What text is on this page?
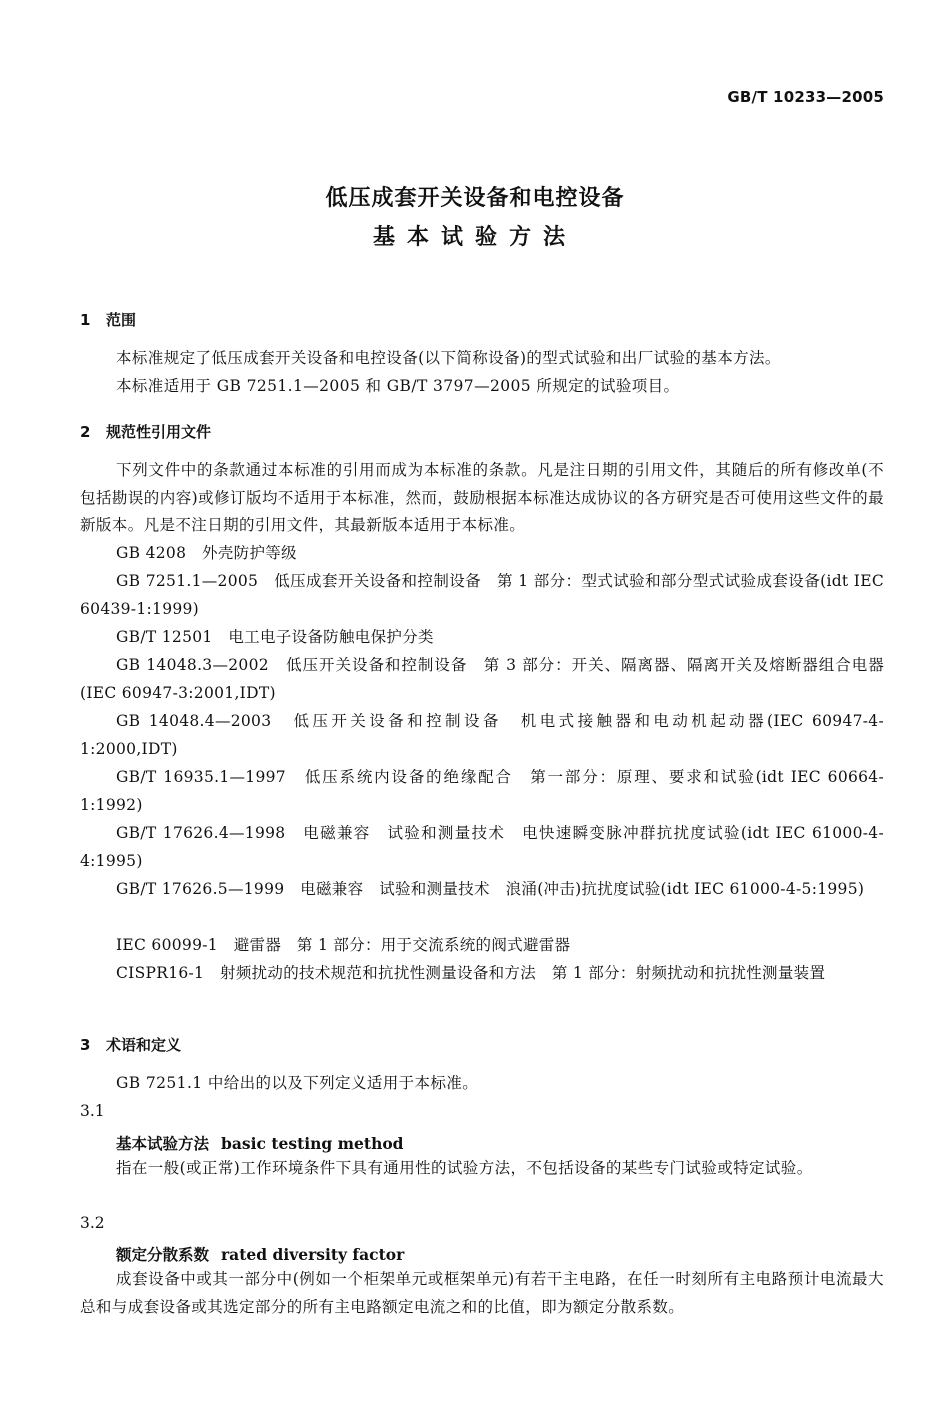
GB/T 10233—2005
低压成套开关设备和电控设备
基本试验方法
1 范围
本标准规定了低压成套开关设备和电控设备(以下简称设备)的型式试验和出厂试验的基本方法。
本标准适用于 GB 7251.1—2005 和 GB/T 3797—2005 所规定的试验项目。
2 规范性引用文件
下列文件中的条款通过本标准的引用而成为本标准的条款。凡是注日期的引用文件，其随后的所有修改单(不包括勘误的内容)或修订版均不适用于本标准，然而，鼓励根据本标准达成协议的各方研究是否可使用这些文件的最新版本。凡是不注日期的引用文件，其最新版本适用于本标准。
GB 4208　外壳防护等级
GB 7251.1—2005　低压成套开关设备和控制设备　第 1 部分：型式试验和部分型式试验成套设备(idt IEC 60439-1:1999)
GB/T 12501　电工电子设备防触电保护分类
GB 14048.3—2002　低压开关设备和控制设备　第 3 部分：开关、隔离器、隔离开关及熔断器组合电器(IEC 60947-3:2001,IDT)
GB 14048.4—2003　低压开关设备和控制设备　机电式接触器和电动机起动器(IEC 60947-4-1:2000,IDT)
GB/T 16935.1—1997　低压系统内设备的绝缘配合　第一部分：原理、要求和试验(idt IEC 60664-1:1992)
GB/T 17626.4—1998　电磁兼容　试验和测量技术　电快速瞬变脉冲群抗扰度试验(idt IEC 61000-4-4:1995)
GB/T 17626.5—1999　电磁兼容　试验和测量技术　浪涌(冲击)抗扰度试验(idt IEC 61000-4-5:1995)
IEC 60099-1　避雷器　第 1 部分：用于交流系统的阀式避雷器
CISPR16-1　射频扰动的技术规范和抗扰性测量设备和方法　第 1 部分：射频扰动和抗扰性测量装置
3 术语和定义
GB 7251.1 中给出的以及下列定义适用于本标准。
3.1
基本试验方法 basic testing method
指在一般(或正常)工作环境条件下具有通用性的试验方法，不包括设备的某些专门试验或特定试验。
3.2
额定分散系数 rated diversity factor
成套设备中或其一部分中(例如一个柜架单元或框架单元)有若干主电路，在任一时刻所有主电路预计电流最大总和与成套设备或其选定部分的所有主电路额定电流之和的比值，即为额定分散系数。
